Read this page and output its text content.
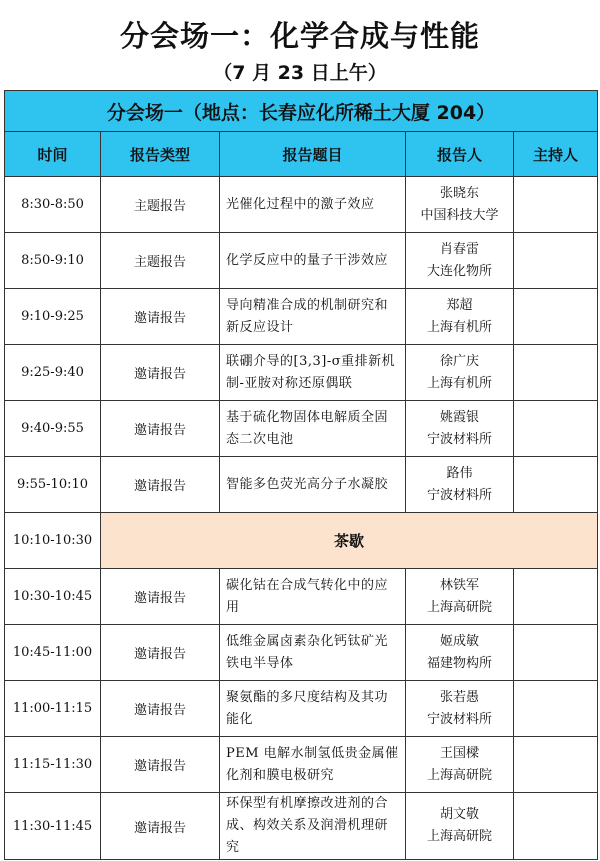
分会场一：化学合成与性能
（7 月 23 日上午）
分会场一（地点：长春应化所稀土大厦 204）				
时间	报告类型	报告题目	报告人	主持人
8:30-8:50	主题报告	光催化过程中的激子效应	张晓东
中国科技大学	

8:50-9:10	主题报告	化学反应中的量子干涉效应	肖春雷
大连化物所	

9:10-9:25	邀请报告	导向精准合成的机制研究和新反应设计	郑超
上海有机所	

9:25-9:40	邀请报告	联硼介导的[3,3]-σ重排新机制-亚胺对称还原偶联	徐广庆
上海有机所	

9:40-9:55	邀请报告	基于硫化物固体电解质全固态二次电池	姚霞银
宁波材料所	

9:55-10:10	邀请报告	智能多色荧光高分子水凝胶	路伟
宁波材料所	

10:10-10:30	茶歇			
10:30-10:45	邀请报告	碳化钴在合成气转化中的应用	林铁军
上海高研院	

10:45-11:00	邀请报告	低维金属卤素杂化钙钛矿光铁电半导体	姬成敏
福建物构所	

11:00-11:15	邀请报告	聚氨酯的多尺度结构及其功能化	张若愚
宁波材料所	

11:15-11:30	邀请报告	PEM 电解水制氢低贵金属催化剂和膜电极研究	王国樑
上海高研院	

11:30-11:45	邀请报告	环保型有机摩擦改进剂的合成、构效关系及润滑机理研究	胡文敬
上海高研院	
